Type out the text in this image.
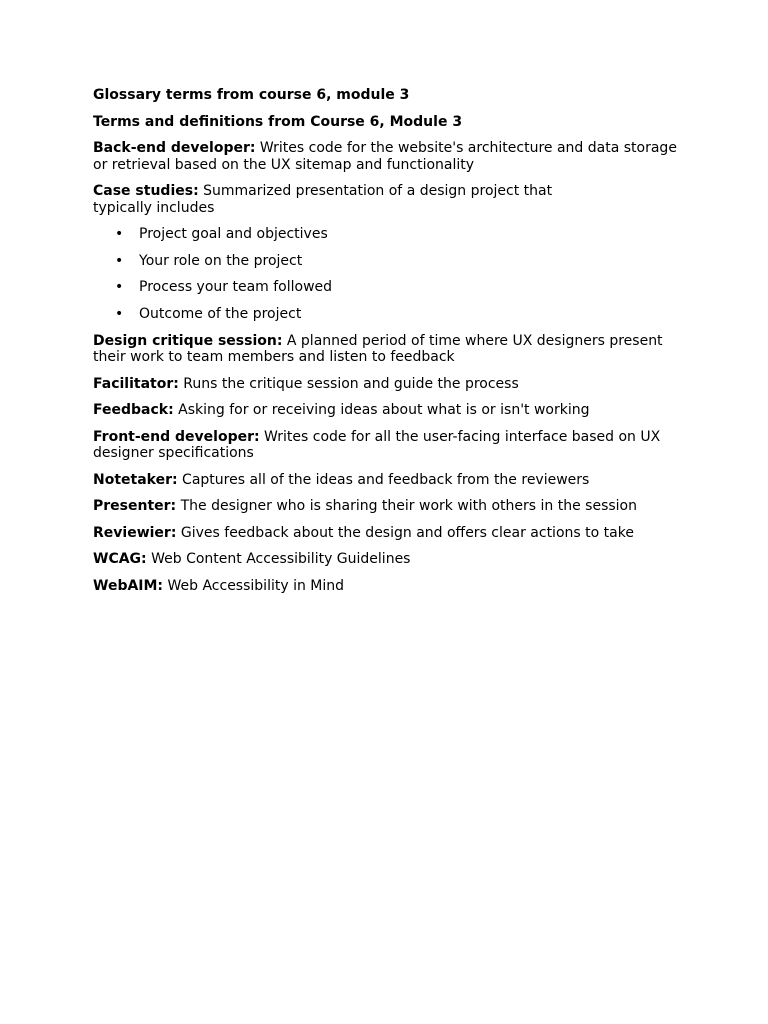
Glossary terms from course 6, module 3
Terms and definitions from Course 6, Module 3

Back-end developer: Writes code for the website's architecture and data storage or retrieval based on the UX sitemap and functionality

Case studies: Summarized presentation of a design project that typically includes

• Project goal and objectives
• Your role on the project
• Process your team followed
• Outcome of the project

Design critique session: A planned period of time where UX designers present their work to team members and listen to feedback

Facilitator: Runs the critique session and guide the process

Feedback: Asking for or receiving ideas about what is or isn't working

Front-end developer: Writes code for all the user-facing interface based on UX designer specifications

Notetaker: Captures all of the ideas and feedback from the reviewers

Presenter: The designer who is sharing their work with others in the session

Reviewier: Gives feedback about the design and offers clear actions to take

WCAG: Web Content Accessibility Guidelines

WebAIM: Web Accessibility in Mind
